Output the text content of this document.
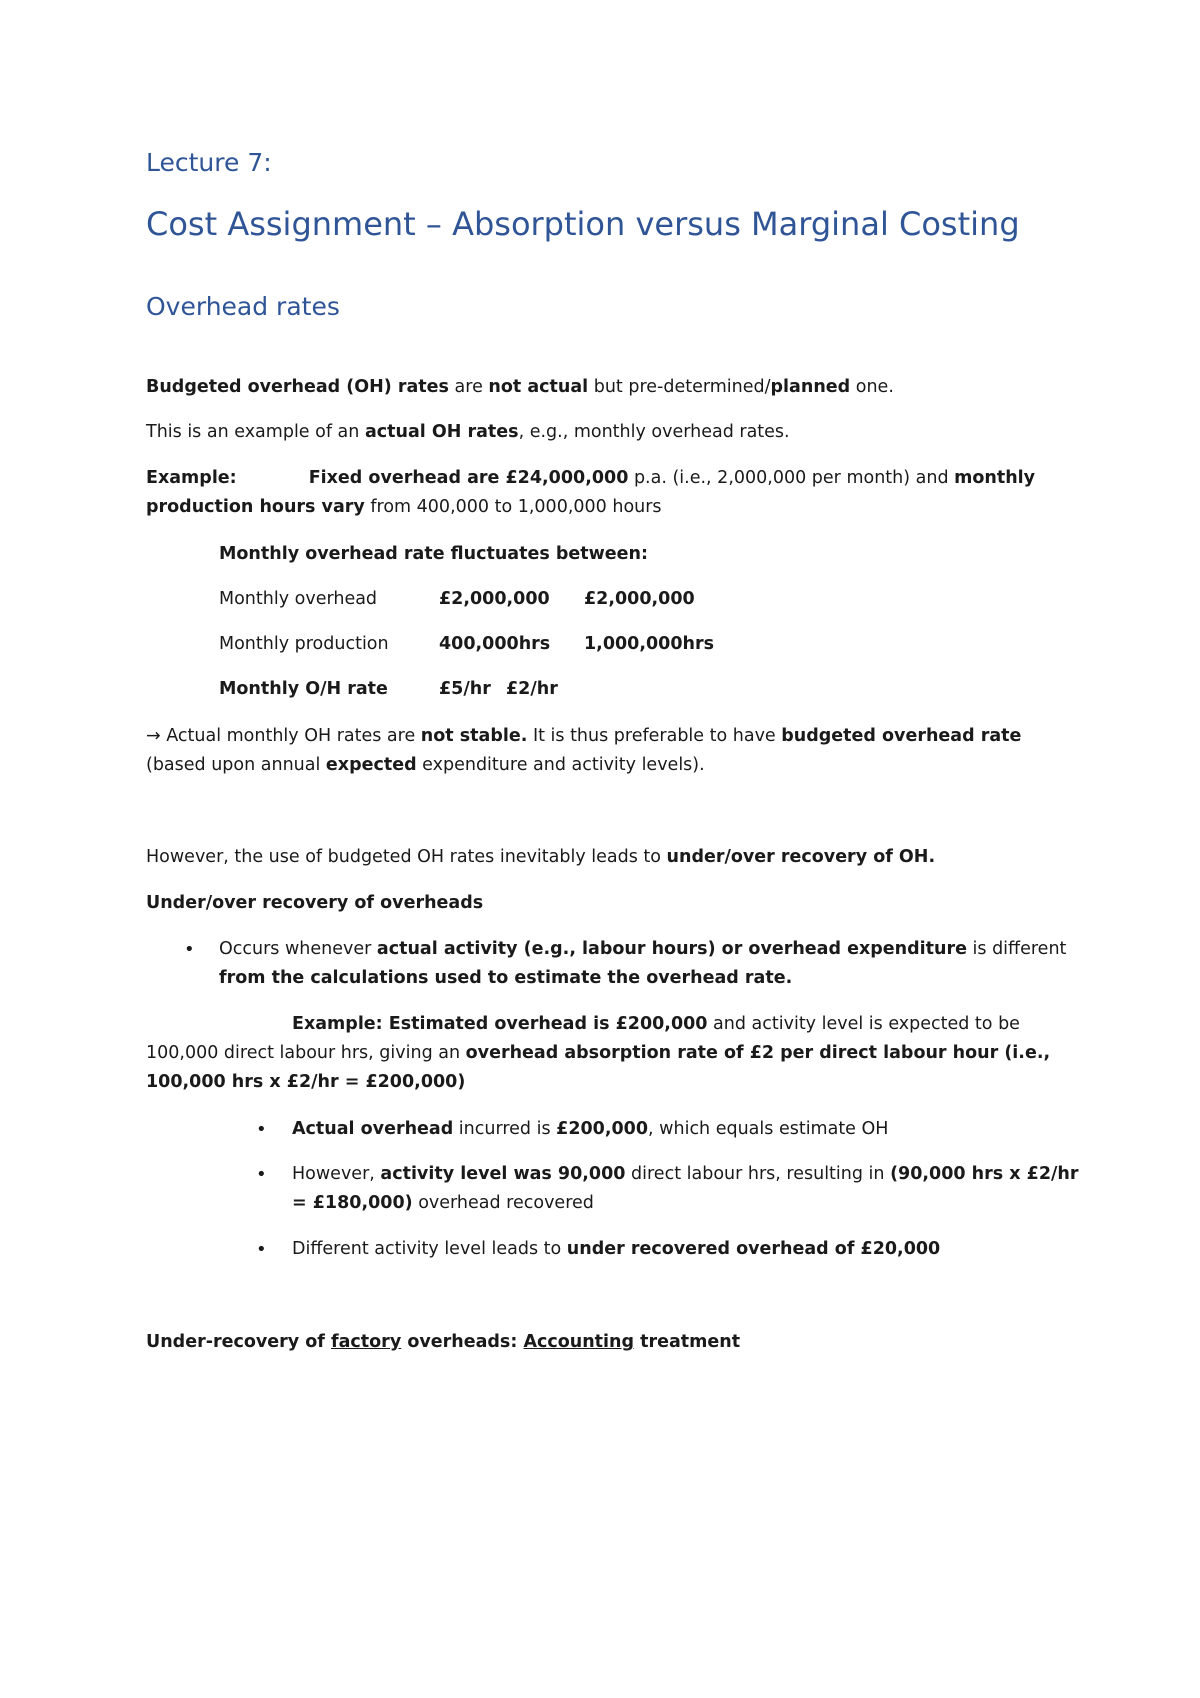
Lecture 7:
Cost Assignment – Absorption versus Marginal Costing
Overhead rates
Budgeted overhead (OH) rates are not actual but pre-determined/planned one.
This is an example of an actual OH rates, e.g., monthly overhead rates.
Example:	Fixed overhead are £24,000,000 p.a. (i.e., 2,000,000 per month) and monthly
production hours vary from 400,000 to 1,000,000 hours
Monthly overhead rate fluctuates between:
Monthly overhead	£2,000,000 £2,000,000
Monthly production	400,000hrs 1,000,000hrs
Monthly O/H rate	£5/hr £2/hr
→ Actual monthly OH rates are not stable. It is thus preferable to have budgeted overhead rate
(based upon annual expected expenditure and activity levels).
However, the use of budgeted OH rates inevitably leads to under/over recovery of OH.
Under/over recovery of overheads
• Occurs whenever actual activity (e.g., labour hours) or overhead expenditure is different
from the calculations used to estimate the overhead rate.
Example: Estimated overhead is £200,000 and activity level is expected to be
100,000 direct labour hrs, giving an overhead absorption rate of £2 per direct labour hour (i.e.,
100,000 hrs x £2/hr = £200,000)
• Actual overhead incurred is £200,000, which equals estimate OH
• However, activity level was 90,000 direct labour hrs, resulting in (90,000 hrs x £2/hr
= £180,000) overhead recovered
• Different activity level leads to under recovered overhead of £20,000
Under-recovery of factory overheads: Accounting treatment
